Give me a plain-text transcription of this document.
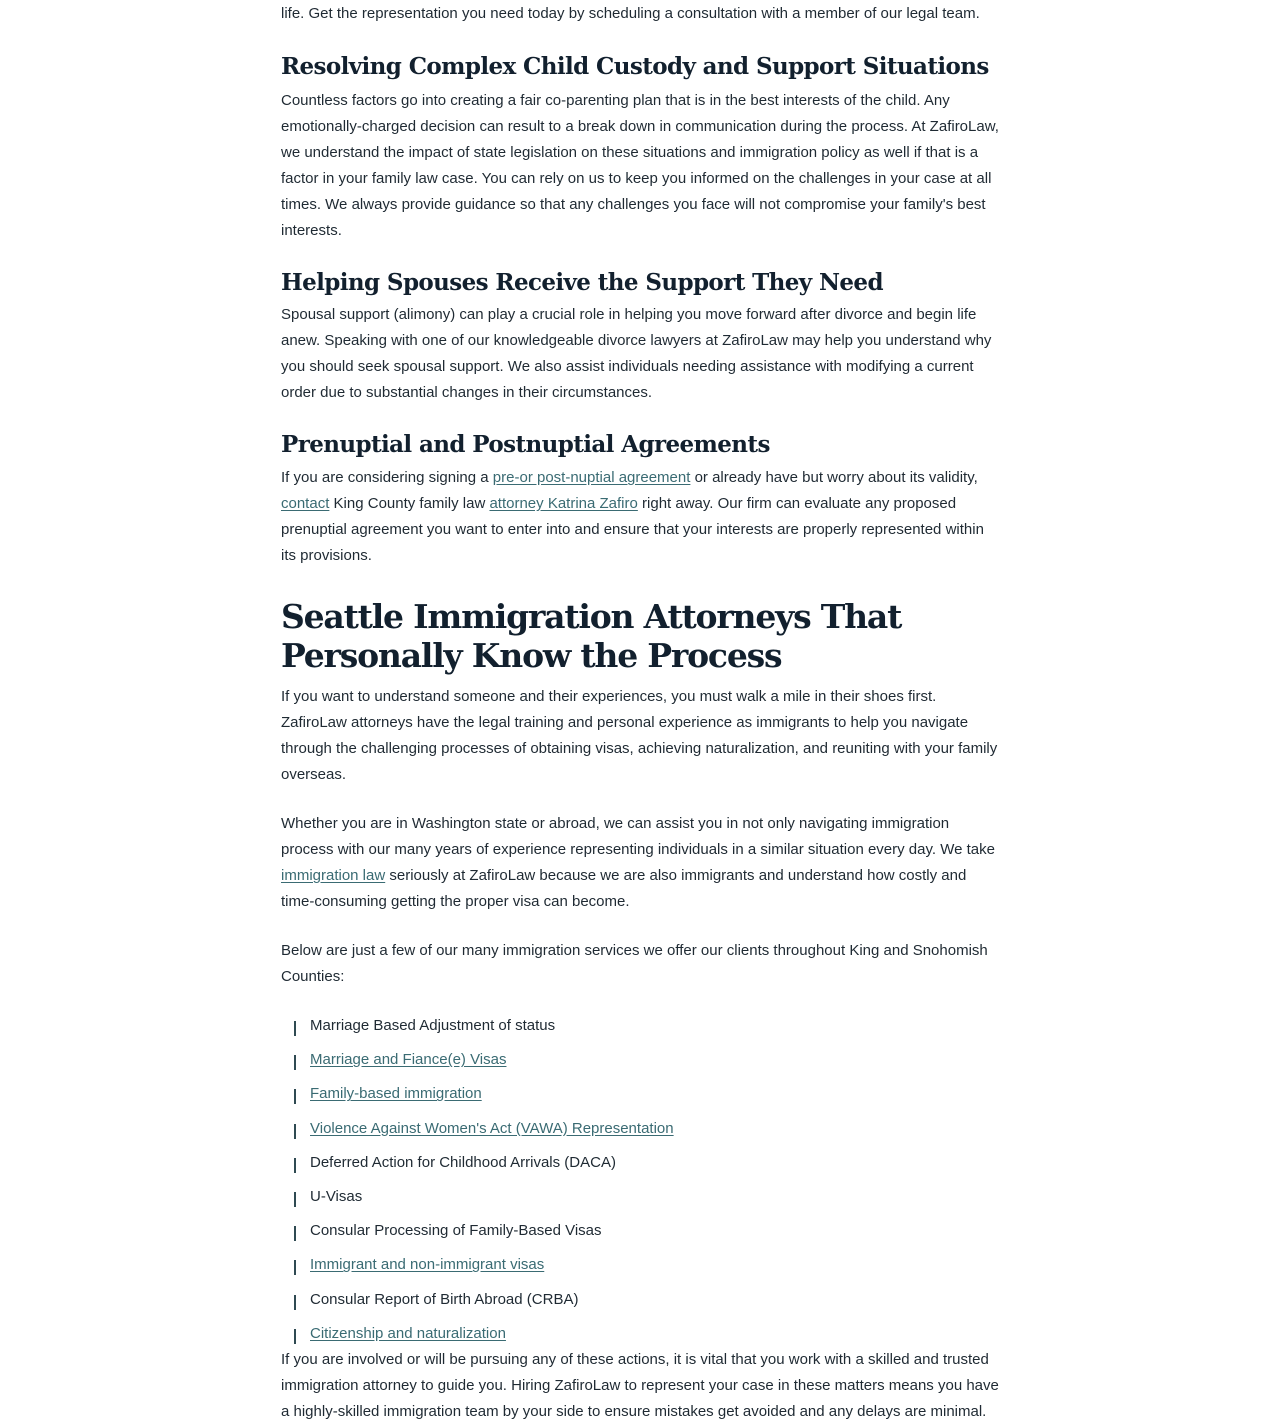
life. Get the representation you need today by scheduling a consultation with a member of our legal team.

Resolving Complex Child Custody and Support Situations

Countless factors go into creating a fair co-parenting plan that is in the best interests of the child. Any emotionally-charged decision can result to a break down in communication during the process. At ZafiroLaw, we understand the impact of state legislation on these situations and immigration policy as well if that is a factor in your family law case. You can rely on us to keep you informed on the challenges in your case at all times. We always provide guidance so that any challenges you face will not compromise your family's best interests.

Helping Spouses Receive the Support They Need

Spousal support (alimony) can play a crucial role in helping you move forward after divorce and begin life anew. Speaking with one of our knowledgeable divorce lawyers at ZafiroLaw may help you understand why you should seek spousal support. We also assist individuals needing assistance with modifying a current order due to substantial changes in their circumstances.

Prenuptial and Postnuptial Agreements

If you are considering signing a pre-or post-nuptial agreement or already have but worry about its validity, contact King County family law attorney Katrina Zafiro right away. Our firm can evaluate any proposed prenuptial agreement you want to enter into and ensure that your interests are properly represented within its provisions.

Seattle Immigration Attorneys That Personally Know the Process

If you want to understand someone and their experiences, you must walk a mile in their shoes first. ZafiroLaw attorneys have the legal training and personal experience as immigrants to help you navigate through the challenging processes of obtaining visas, achieving naturalization, and reuniting with your family overseas.

Whether you are in Washington state or abroad, we can assist you in not only navigating immigration process with our many years of experience representing individuals in a similar situation every day. We take immigration law seriously at ZafiroLaw because we are also immigrants and understand how costly and time-consuming getting the proper visa can become.

Below are just a few of our many immigration services we offer our clients throughout King and Snohomish Counties:

Marriage Based Adjustment of status
Marriage and Fiance(e) Visas
Family-based immigration
Violence Against Women's Act (VAWA) Representation
Deferred Action for Childhood Arrivals (DACA)
U-Visas
Consular Processing of Family-Based Visas
Immigrant and non-immigrant visas
Consular Report of Birth Abroad (CRBA)
Citizenship and naturalization

If you are involved or will be pursuing any of these actions, it is vital that you work with a skilled and trusted immigration attorney to guide you. Hiring ZafiroLaw to represent your case in these matters means you have a highly-skilled immigration team by your side to ensure mistakes get avoided and any delays are minimal.
